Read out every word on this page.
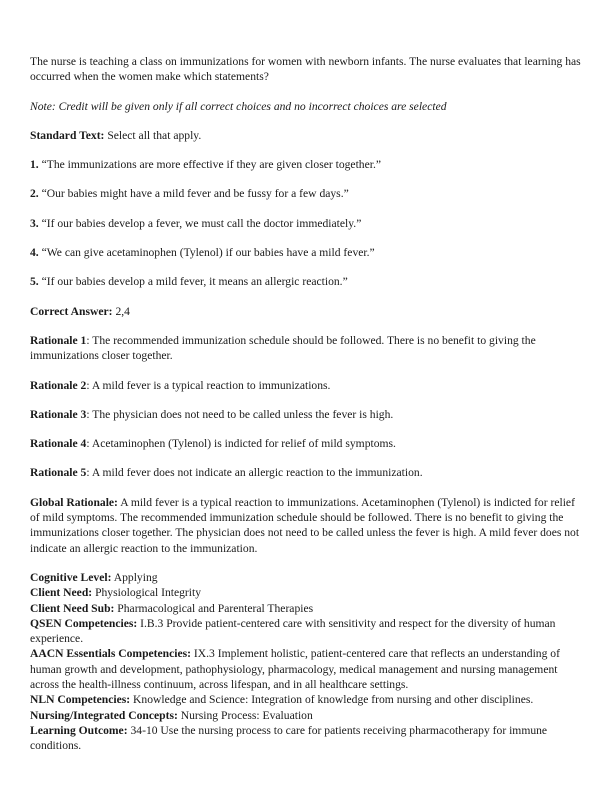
The nurse is teaching a class on immunizations for women with newborn infants. The nurse evaluates that learning has occurred when the women make which statements?

Note: Credit will be given only if all correct choices and no incorrect choices are selected

Standard Text: Select all that apply.

1. “The immunizations are more effective if they are given closer together.”

2. “Our babies might have a mild fever and be fussy for a few days.”

3. “If our babies develop a fever, we must call the doctor immediately.”

4. “We can give acetaminophen (Tylenol) if our babies have a mild fever.”

5. “If our babies develop a mild fever, it means an allergic reaction.”

Correct Answer: 2,4

Rationale 1: The recommended immunization schedule should be followed. There is no benefit to giving the immunizations closer together.

Rationale 2: A mild fever is a typical reaction to immunizations.

Rationale 3: The physician does not need to be called unless the fever is high.

Rationale 4: Acetaminophen (Tylenol) is indicted for relief of mild symptoms.

Rationale 5: A mild fever does not indicate an allergic reaction to the immunization.

Global Rationale: A mild fever is a typical reaction to immunizations. Acetaminophen (Tylenol) is indicted for relief of mild symptoms. The recommended immunization schedule should be followed. There is no benefit to giving the immunizations closer together. The physician does not need to be called unless the fever is high. A mild fever does not indicate an allergic reaction to the immunization.

Cognitive Level: Applying

Client Need: Physiological Integrity

Client Need Sub: Pharmacological and Parenteral Therapies

QSEN Competencies: I.B.3 Provide patient-centered care with sensitivity and respect for the diversity of human experience.

AACN Essentials Competencies: IX.3 Implement holistic, patient-centered care that reflects an understanding of human growth and development, pathophysiology, pharmacology, medical management and nursing management across the health-illness continuum, across lifespan, and in all healthcare settings.

NLN Competencies: Knowledge and Science: Integration of knowledge from nursing and other disciplines.

Nursing/Integrated Concepts: Nursing Process: Evaluation

Learning Outcome: 34-10 Use the nursing process to care for patients receiving pharmacotherapy for immune conditions.
